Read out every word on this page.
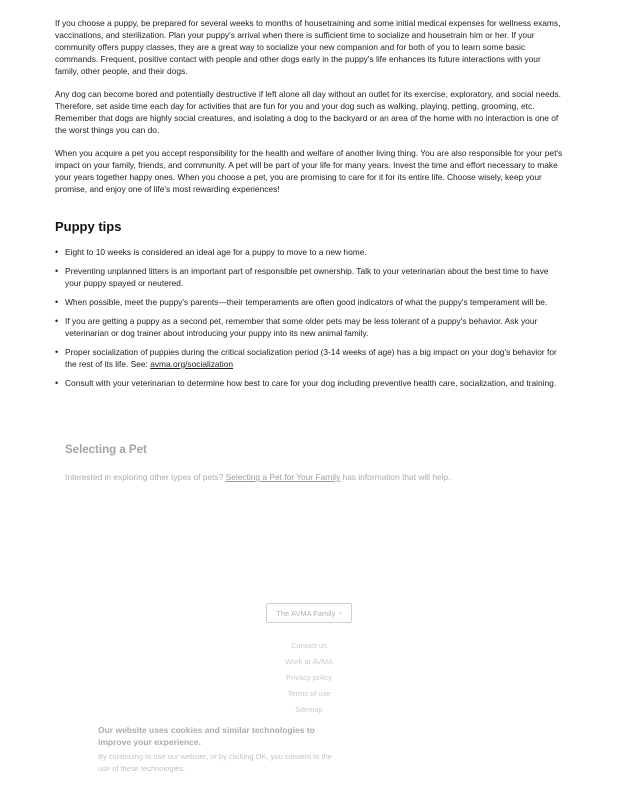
If you choose a puppy, be prepared for several weeks to months of housetraining and some initial medical expenses for wellness exams, vaccinations, and sterilization. Plan your puppy's arrival when there is sufficient time to socialize and housetrain him or her. If your community offers puppy classes, they are a great way to socialize your new companion and for both of you to learn some basic commands. Frequent, positive contact with people and other dogs early in the puppy's life enhances its future interactions with your family, other people, and their dogs.

Any dog can become bored and potentially destructive if left alone all day without an outlet for its exercise, exploratory, and social needs. Therefore, set aside time each day for activities that are fun for you and your dog such as walking, playing, petting, grooming, etc. Remember that dogs are highly social creatures, and isolating a dog to the backyard or an area of the home with no interaction is one of the worst things you can do.

When you acquire a pet you accept responsibility for the health and welfare of another living thing. You are also responsible for your pet's impact on your family, friends, and community. A pet will be part of your life for many years. Invest the time and effort necessary to make your years together happy ones. When you choose a pet, you are promising to care for it for its entire life. Choose wisely, keep your promise, and enjoy one of life's most rewarding experiences!

Puppy tips
• Eight to 10 weeks is considered an ideal age for a puppy to move to a new home.
• Preventing unplanned litters is an important part of responsible pet ownership. Talk to your veterinarian about the best time to have your puppy spayed or neutered.
• When possible, meet the puppy's parents—their temperaments are often good indicators of what the puppy's temperament will be.
• If you are getting a puppy as a second pet, remember that some older pets may be less tolerant of a puppy's behavior. Ask your veterinarian or dog trainer about introducing your puppy into its new animal family.
• Proper socialization of puppies during the critical socialization period (3-14 weeks of age) has a big impact on your dog's behavior for the rest of its life. See: avma.org/socialization
• Consult with your veterinarian to determine how best to care for your dog including preventive health care, socialization, and training.
Selecting a Pet
Interested in exploring other types of pets? Selecting a Pet for Your Family has information that will help.
The AVMA Family ›
Contact us
Work at AVMA
Privacy policy
Terms of use
Sitemap
Our website uses cookies and similar technologies to improve your experience.
By continuing to use our website, or by clicking OK, you consent to the use of these technologies.
